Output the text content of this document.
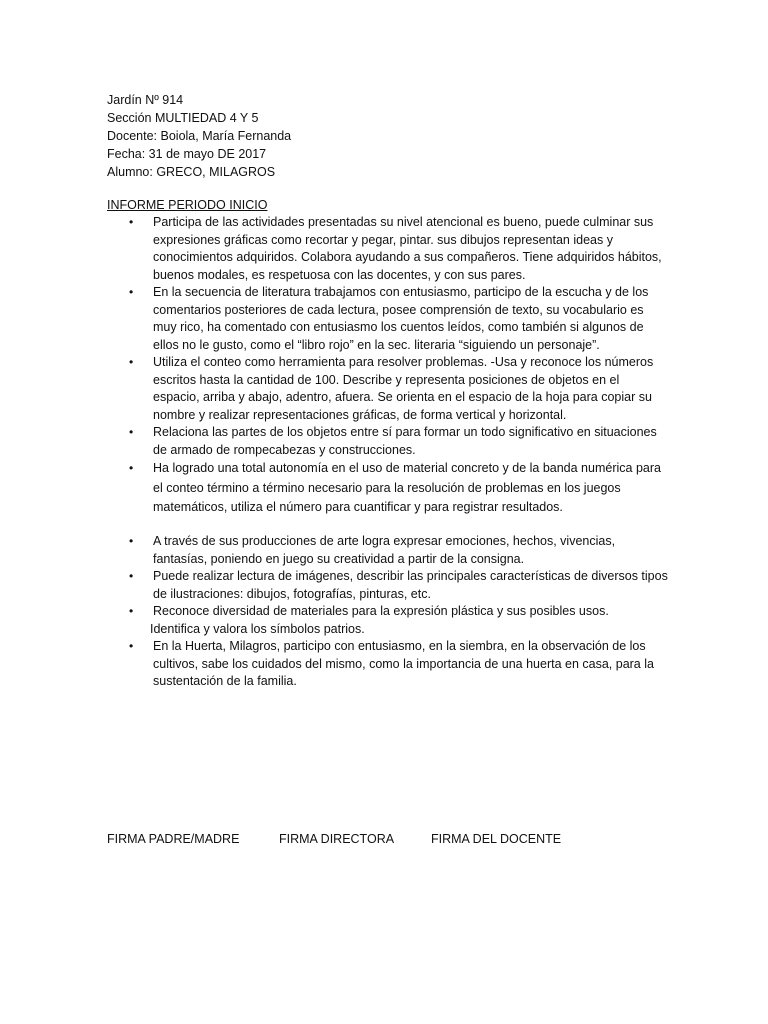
Jardín Nº 914
Sección MULTIEDAD 4 Y 5
Docente: Boiola, María Fernanda
Fecha: 31 de mayo DE 2017
Alumno: GRECO, MILAGROS
INFORME PERIODO INICIO
• Participa de las actividades presentadas su nivel atencional es bueno, puede culminar sus expresiones gráficas como recortar y pegar, pintar. sus dibujos representan ideas y conocimientos adquiridos. Colabora ayudando a sus compañeros. Tiene adquiridos hábitos, buenos modales, es respetuosa con las docentes, y con sus pares.
• En la secuencia de literatura trabajamos con entusiasmo, participo de la escucha y de los comentarios posteriores de cada lectura, posee comprensión de texto, su vocabulario es muy rico, ha comentado con entusiasmo los cuentos leídos, como también si algunos de ellos no le gusto, como el “libro rojo” en la sec. literaria “siguiendo un personaje”.
• Utiliza el conteo como herramienta para resolver problemas. -Usa y reconoce los números escritos hasta la cantidad de 100. Describe y representa posiciones de objetos en el espacio, arriba y abajo, adentro, afuera. Se orienta en el espacio de la hoja para copiar su nombre y realizar representaciones gráficas, de forma vertical y horizontal.
• Relaciona las partes de los objetos entre sí para formar un todo significativo en situaciones de armado de rompecabezas y construcciones.
• Ha logrado una total autonomía en el uso de material concreto y de la banda numérica para el conteo término a término necesario para la resolución de problemas en los juegos matemáticos, utiliza el número para cuantificar y para registrar resultados.
• A través de sus producciones de arte logra expresar emociones, hechos, vivencias, fantasías, poniendo en juego su creatividad a partir de la consigna.
• Puede realizar lectura de imágenes, describir las principales características de diversos tipos de ilustraciones: dibujos, fotografías, pinturas, etc.
• Reconoce diversidad de materiales para la expresión plástica y sus posibles usos.
Identifica y valora los símbolos patrios.
• En la Huerta, Milagros, participo con entusiasmo, en la siembra, en la observación de los cultivos, sabe los cuidados del mismo, como la importancia de una huerta en casa, para la sustentación de la familia.
FIRMA PADRE/MADRE	FIRMA DIRECTORA	FIRMA DEL DOCENTE
